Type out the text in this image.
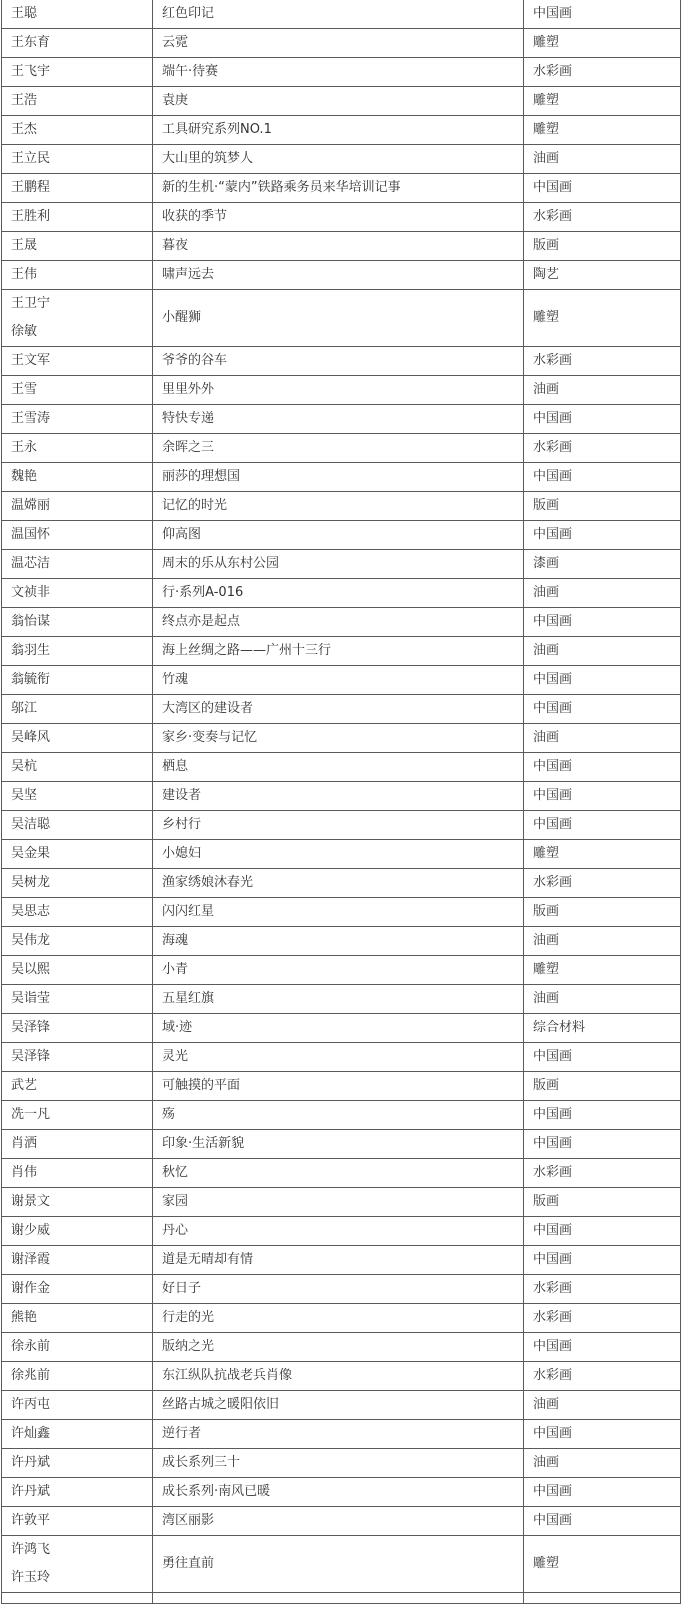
王聪	红色印记	中国画

王东育	云霓	雕塑

王飞宇	端午·待赛	水彩画

王浩	袁庚	雕塑

王杰	工具研究系列NO.1	雕塑

王立民	大山里的筑梦人	油画

王鹏程	新的生机·“蒙内”铁路乘务员来华培训记事	中国画

王胜利	收获的季节	水彩画

王晟	暮夜	版画

王伟	啸声远去	陶艺

王卫宁
徐敏	小醒狮	雕塑

王文军	爷爷的谷车	水彩画

王雪	里里外外	油画

王雪涛	特快专递	中国画

王永	余晖之三	水彩画

魏艳	丽莎的理想国	中国画

温嫦丽	记忆的时光	版画

温国怀	仰高图	中国画

温芯洁	周末的乐从东村公园	漆画

文祯非	行·系列A-016	油画

翁怡谋	终点亦是起点	中国画

翁羽生	海上丝绸之路——广州十三行	油画

翁毓衔	竹魂	中国画

邬江	大湾区的建设者	中国画

吴峰风	家乡·变奏与记忆	油画

吴杭	栖息	中国画

吴坚	建设者	中国画

吴洁聪	乡村行	中国画

吴金果	小媳妇	雕塑

吴树龙	渔家绣娘沐春光	水彩画

吴思志	闪闪红星	版画

吴伟龙	海魂	油画

吴以熙	小青	雕塑

吴诣莹	五星红旗	油画

吴泽锋	域·迹	综合材料

吴泽锋	灵光	中国画

武艺	可触摸的平面	版画

冼一凡	殇	中国画

肖洒	印象·生活新貌	中国画

肖伟	秋忆	水彩画

谢景文	家园	版画

谢少威	丹心	中国画

谢泽霞	道是无晴却有情	中国画

谢作金	好日子	水彩画

熊艳	行走的光	水彩画

徐永前	版纳之光	中国画

徐兆前	东江纵队抗战老兵肖像	水彩画

许丙屯	丝路古城之暖阳依旧	油画

许灿鑫	逆行者	中国画

许丹斌	成长系列三十	油画

许丹斌	成长系列·南风已暖	中国画

许敦平	湾区丽影	中国画

许鸿飞
许玉玲	勇往直前	雕塑
